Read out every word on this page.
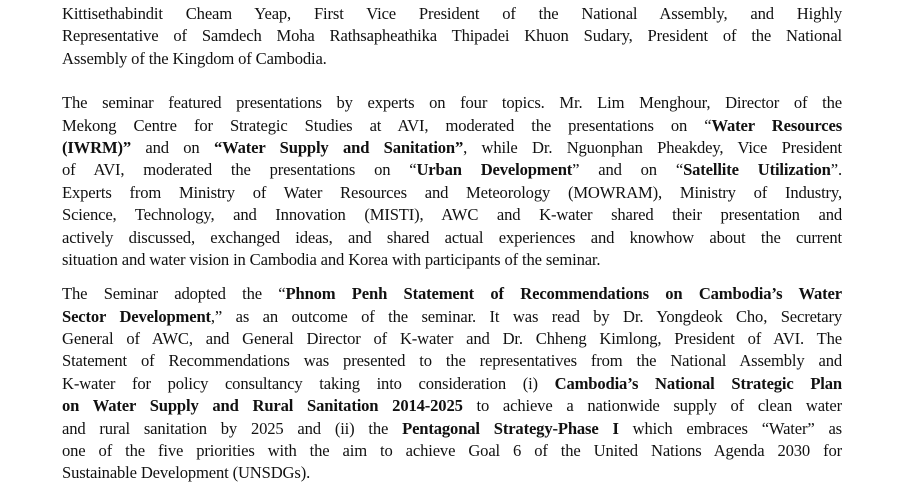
Kittisethabindit Cheam Yeap, First Vice President of the National Assembly, and Highly
Representative of Samdech Moha Rathsapheathika Thipadei Khuon Sudary, President of the National
Assembly of the Kingdom of Cambodia.
The seminar featured presentations by experts on four topics. Mr. Lim Menghour, Director of the
Mekong Centre for Strategic Studies at AVI, moderated the presentations on “Water Resources
(IWRM)” and on “Water Supply and Sanitation”, while Dr. Nguonphan Pheakdey, Vice President
of AVI, moderated the presentations on “Urban Development” and on “Satellite Utilization”.
Experts from Ministry of Water Resources and Meteorology (MOWRAM), Ministry of Industry,
Science, Technology, and Innovation (MISTI), AWC and K-water shared their presentation and
actively discussed, exchanged ideas, and shared actual experiences and knowhow about the current
situation and water vision in Cambodia and Korea with participants of the seminar.
The Seminar adopted the “Phnom Penh Statement of Recommendations on Cambodia’s Water
Sector Development,” as an outcome of the seminar. It was read by Dr. Yongdeok Cho, Secretary
General of AWC, and General Director of K-water and Dr. Chheng Kimlong, President of AVI. The
Statement of Recommendations was presented to the representatives from the National Assembly and
K-water for policy consultancy taking into consideration (i) Cambodia’s National Strategic Plan
on Water Supply and Rural Sanitation 2014-2025 to achieve a nationwide supply of clean water
and rural sanitation by 2025 and (ii) the Pentagonal Strategy-Phase I which embraces “Water” as
one of the five priorities with the aim to achieve Goal 6 of the United Nations Agenda 2030 for
Sustainable Development (UNSDGs).
